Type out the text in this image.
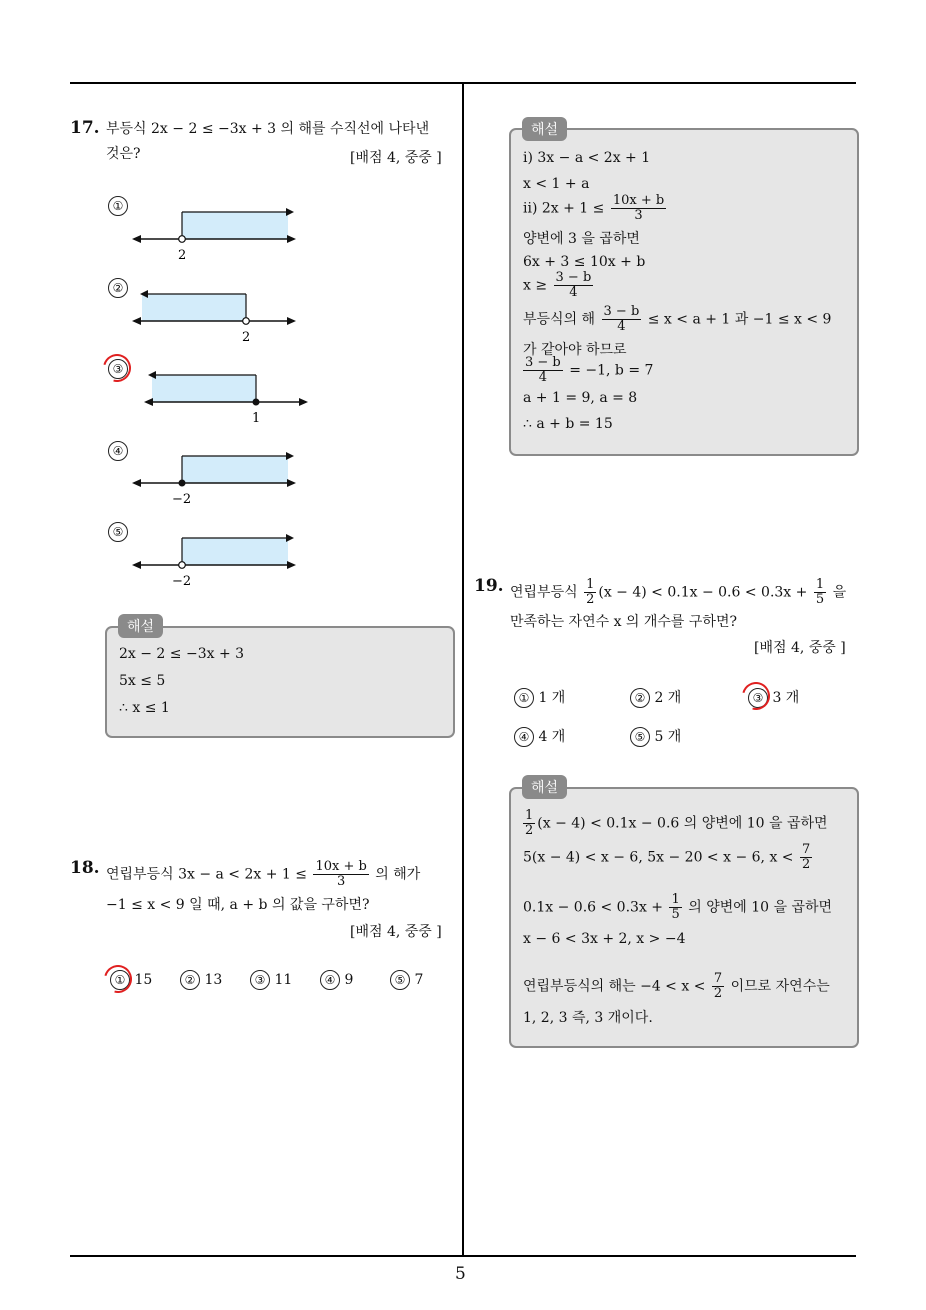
5
17. 부등식 2x − 2 ≤ −3x + 3 의 해를 수직선에 나타낸
것은?	[배점 4, 중중 ]
①
2
②
2
③
1
④
−2
⑤
−2
2x − 2 ≤ −3x + 3
5x ≤ 5
∴ x ≤ 1
해설
18. 연립부등식 $3x - a < 2x + 1 \le \frac{10x + b}{3}$ 의 해가
−1 ≤ x < 9 일 때, a + b 의 값을 구하면?
[배점 4, 중중 ]
① 15	② 13	③ 11	④ 9	⑤ 7
i) 3x − a < 2x + 1
x < 1 + a
ii) $2x + 1 \le \frac{10x + b}{3}$
양변에 3 을 곱하면
6x + 3 ≤ 10x + b
$x \ge \frac{3 - b}{4}$
부등식의 해 $\frac{3 - b}{4} \le x < a + 1$ 과 −1 ≤ x < 9
가 같아야 하므로
$\frac{3 - b}{4} = -1$, b = 7
a + 1 = 9, a = 8
∴ a + b = 15
해설
19. 연립부등식 $\frac{1}{2} (x - 4) < 0.1x - 0.6 < 0.3x + \frac{1}{5}$ 을
만족하는 자연수 x 의 개수를 구하면?
[배점 4, 중중 ]
① 1 개	② 2 개	③ 3 개
④ 4 개	⑤ 5 개
$\frac{1}{2} (x - 4) < 0.1x - 0.6$ 의 양변에 10 을 곱하면
5(x − 4) < x − 6, 5x − 20 < x − 6, $x < \frac{7}{2}$
$0.1x - 0.6 < 0.3x + \frac{1}{5}$ 의 양변에 10 을 곱하면
x − 6 < 3x + 2, x > −4
연립부등식의 해는 $-4 < x < \frac{7}{2}$ 이므로 자연수는
1, 2, 3 즉, 3 개이다.
해설
